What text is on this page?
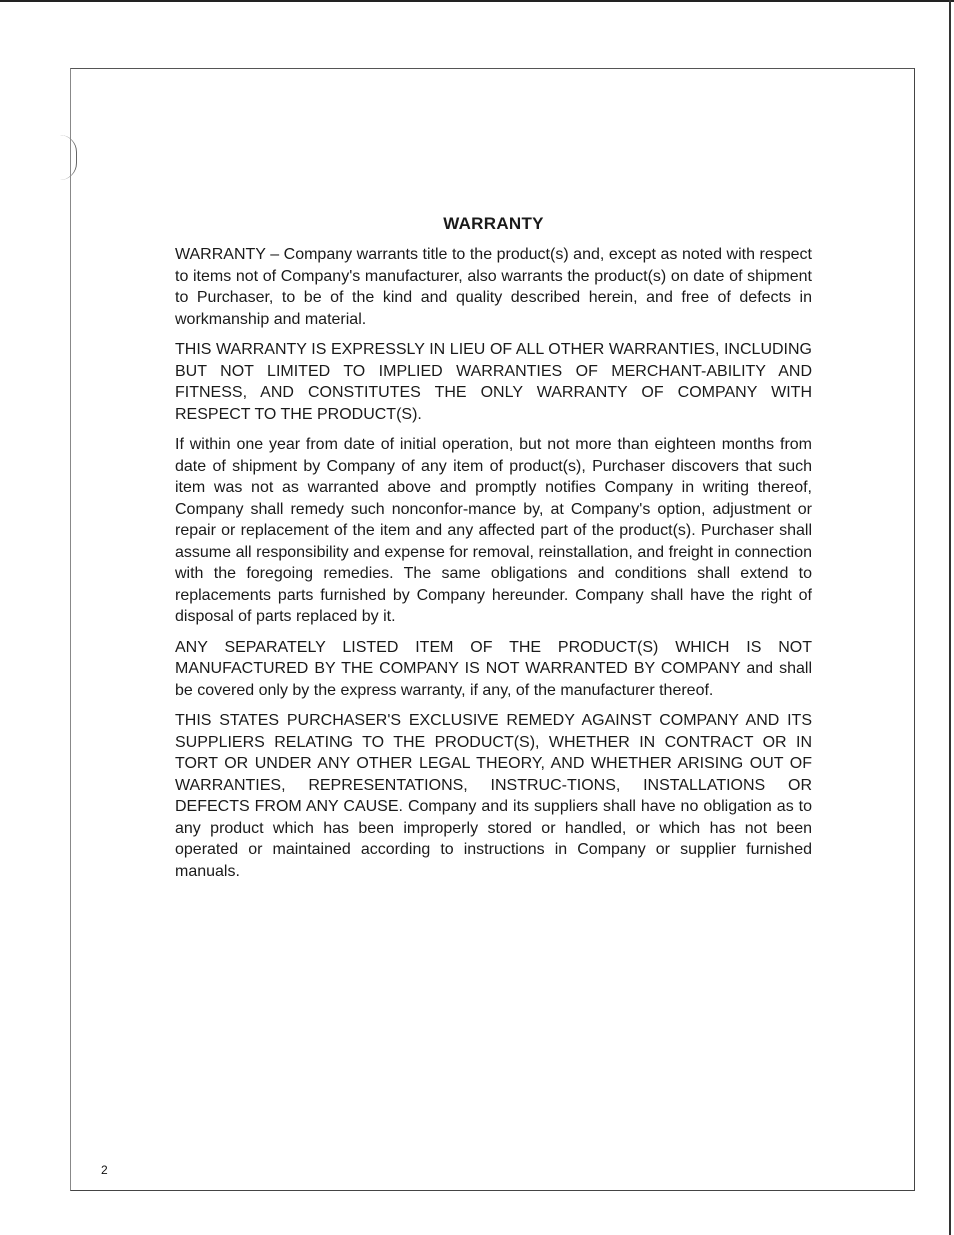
WARRANTY

WARRANTY – Company warrants title to the product(s) and, except as noted with respect to items not of Company's manufacturer, also warrants the product(s) on date of shipment to Purchaser, to be of the kind and quality described herein, and free of defects in workmanship and material.

THIS WARRANTY IS EXPRESSLY IN LIEU OF ALL OTHER WARRANTIES, INCLUDING BUT NOT LIMITED TO IMPLIED WARRANTIES OF MERCHANT-ABILITY AND FITNESS, AND CONSTITUTES THE ONLY WARRANTY OF COMPANY WITH RESPECT TO THE PRODUCT(S).

If within one year from date of initial operation, but not more than eighteen months from date of shipment by Company of any item of product(s), Purchaser discovers that such item was not as warranted above and promptly notifies Company in writing thereof, Company shall remedy such nonconfor-mance by, at Company's option, adjustment or repair or replacement of the item and any affected part of the product(s). Purchaser shall assume all responsibility and expense for removal, reinstallation, and freight in connection with the foregoing remedies. The same obligations and conditions shall extend to replacements parts furnished by Company hereunder. Company shall have the right of disposal of parts replaced by it.

ANY SEPARATELY LISTED ITEM OF THE PRODUCT(S) WHICH IS NOT MANUFACTURED BY THE COMPANY IS NOT WARRANTED BY COMPANY and shall be covered only by the express warranty, if any, of the manufacturer thereof.

THIS STATES PURCHASER'S EXCLUSIVE REMEDY AGAINST COMPANY AND ITS SUPPLIERS RELATING TO THE PRODUCT(S), WHETHER IN CONTRACT OR IN TORT OR UNDER ANY OTHER LEGAL THEORY, AND WHETHER ARISING OUT OF WARRANTIES, REPRESENTATIONS, INSTRUC-TIONS, INSTALLATIONS OR DEFECTS FROM ANY CAUSE. Company and its suppliers shall have no obligation as to any product which has been improperly stored or handled, or which has not been operated or maintained according to instructions in Company or supplier furnished manuals.

2
